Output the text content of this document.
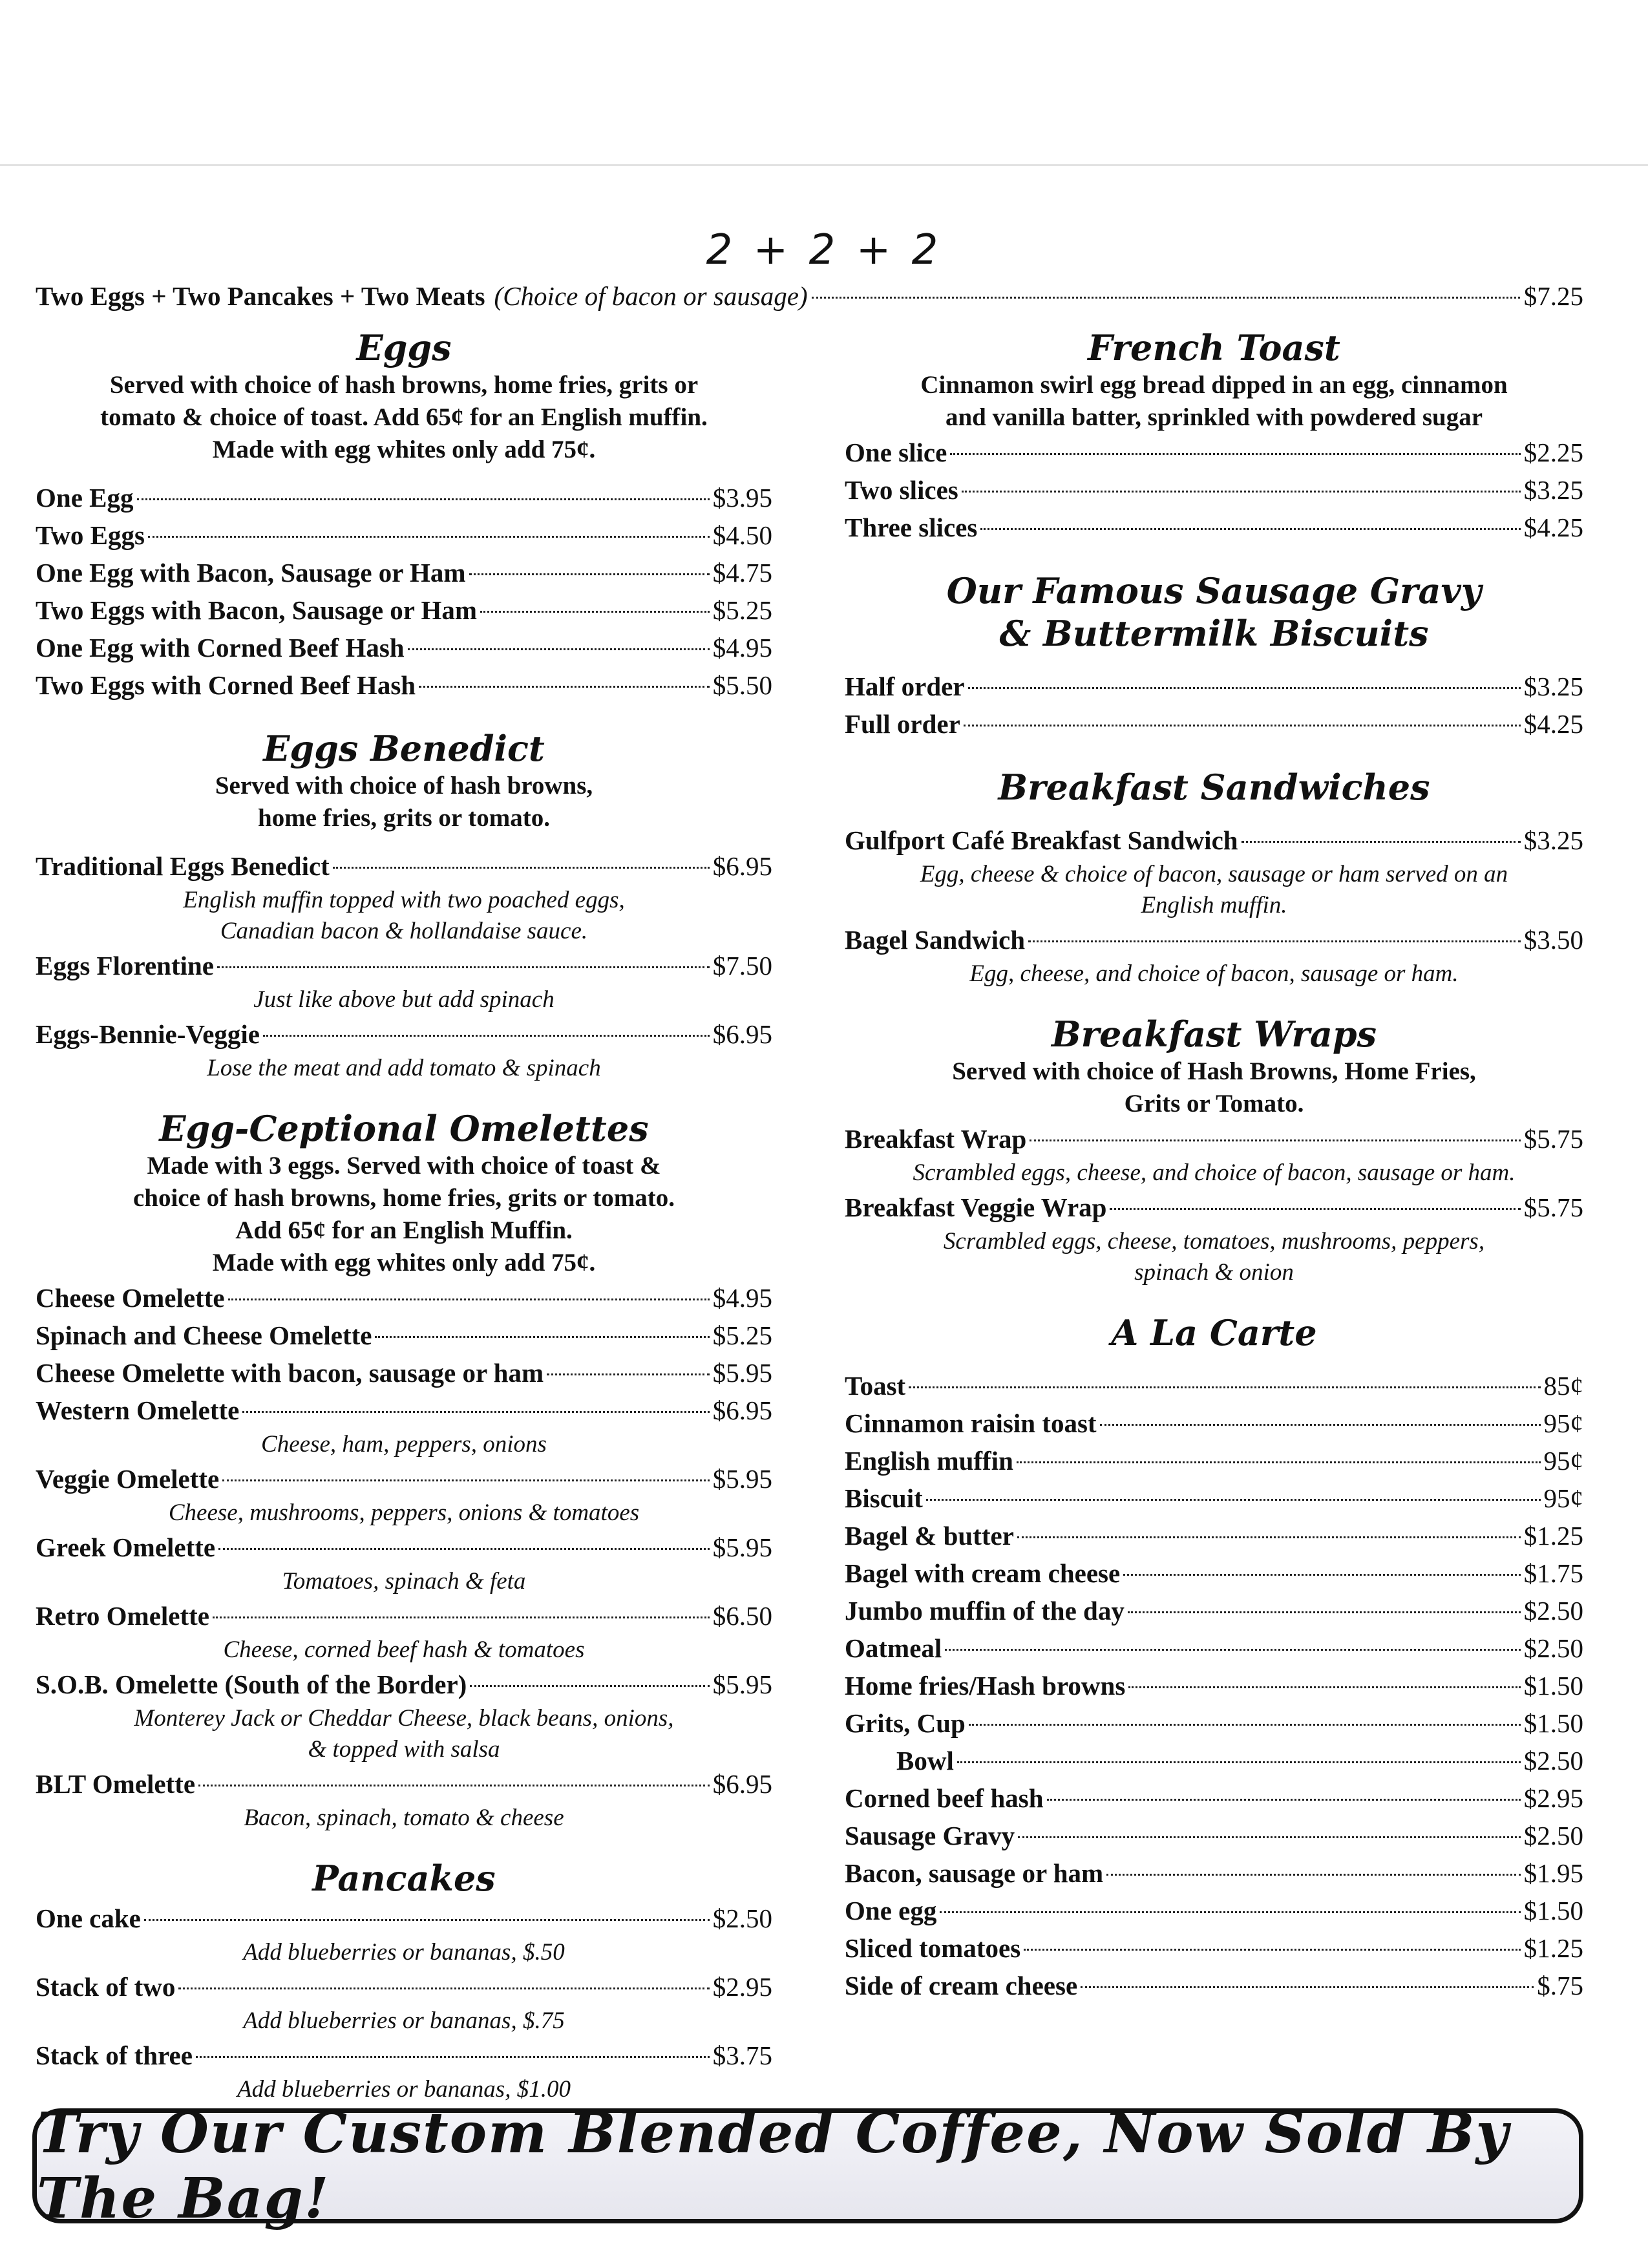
2 + 2 + 2
Two Eggs + Two Pancakes + Two Meats (Choice of bacon or sausage)	$7.25
Eggs
Served with choice of hash browns, home fries, grits or
tomato & choice of toast. Add 65¢ for an English muffin.
Made with egg whites only add 75¢.
One Egg	$3.95
Two Eggs	$4.50
One Egg with Bacon, Sausage or Ham	$4.75
Two Eggs with Bacon, Sausage or Ham	$5.25
One Egg with Corned Beef Hash	$4.95
Two Eggs with Corned Beef Hash	$5.50
Eggs Benedict
Served with choice of hash browns,
home fries, grits or tomato.
Traditional Eggs Benedict	$6.95
English muffin topped with two poached eggs,
Canadian bacon & hollandaise sauce.
Eggs Florentine	$7.50
Just like above but add spinach
Eggs-Bennie-Veggie	$6.95
Lose the meat and add tomato & spinach
Egg-Ceptional Omelettes
Made with 3 eggs. Served with choice of toast &
choice of hash browns, home fries, grits or tomato.
Add 65¢ for an English Muffin.
Made with egg whites only add 75¢.
Cheese Omelette	$4.95
Spinach and Cheese Omelette	$5.25
Cheese Omelette with bacon, sausage or ham	$5.95
Western Omelette	$6.95
Cheese, ham, peppers, onions
Veggie Omelette	$5.95
Cheese, mushrooms, peppers, onions & tomatoes
Greek Omelette	$5.95
Tomatoes, spinach & feta
Retro Omelette	$6.50
Cheese, corned beef hash & tomatoes
S.O.B. Omelette (South of the Border)	$5.95
Monterey Jack or Cheddar Cheese, black beans, onions,
& topped with salsa
BLT Omelette	$6.95
Bacon, spinach, tomato & cheese
Pancakes
One cake	$2.50
Add blueberries or bananas, $.50
Stack of two	$2.95
Add blueberries or bananas, $.75
Stack of three	$3.75
Add blueberries or bananas, $1.00
French Toast
Cinnamon swirl egg bread dipped in an egg, cinnamon
and vanilla batter, sprinkled with powdered sugar
One slice	$2.25
Two slices	$3.25
Three slices	$4.25
Our Famous Sausage Gravy
& Buttermilk Biscuits
Half order	$3.25
Full order	$4.25
Breakfast Sandwiches
Gulfport Café Breakfast Sandwich	$3.25
Egg, cheese & choice of bacon, sausage or ham served on an
English muffin.
Bagel Sandwich	$3.50
Egg, cheese, and choice of bacon, sausage or ham.
Breakfast Wraps
Served with choice of Hash Browns, Home Fries,
Grits or Tomato.
Breakfast Wrap	$5.75
Scrambled eggs, cheese, and choice of bacon, sausage or ham.
Breakfast Veggie Wrap	$5.75
Scrambled eggs, cheese, tomatoes, mushrooms, peppers,
spinach & onion
A La Carte
Toast	85¢
Cinnamon raisin toast	95¢
English muffin	95¢
Biscuit	95¢
Bagel & butter	$1.25
Bagel with cream cheese	$1.75
Jumbo muffin of the day	$2.50
Oatmeal	$2.50
Home fries/Hash browns	$1.50
Grits, Cup	$1.50
Bowl	$2.50
Corned beef hash	$2.95
Sausage Gravy	$2.50
Bacon, sausage or ham	$1.95
One egg	$1.50
Sliced tomatoes	$1.25
Side of cream cheese	$.75
Try Our Custom Blended Coffee, Now Sold By The Bag!
